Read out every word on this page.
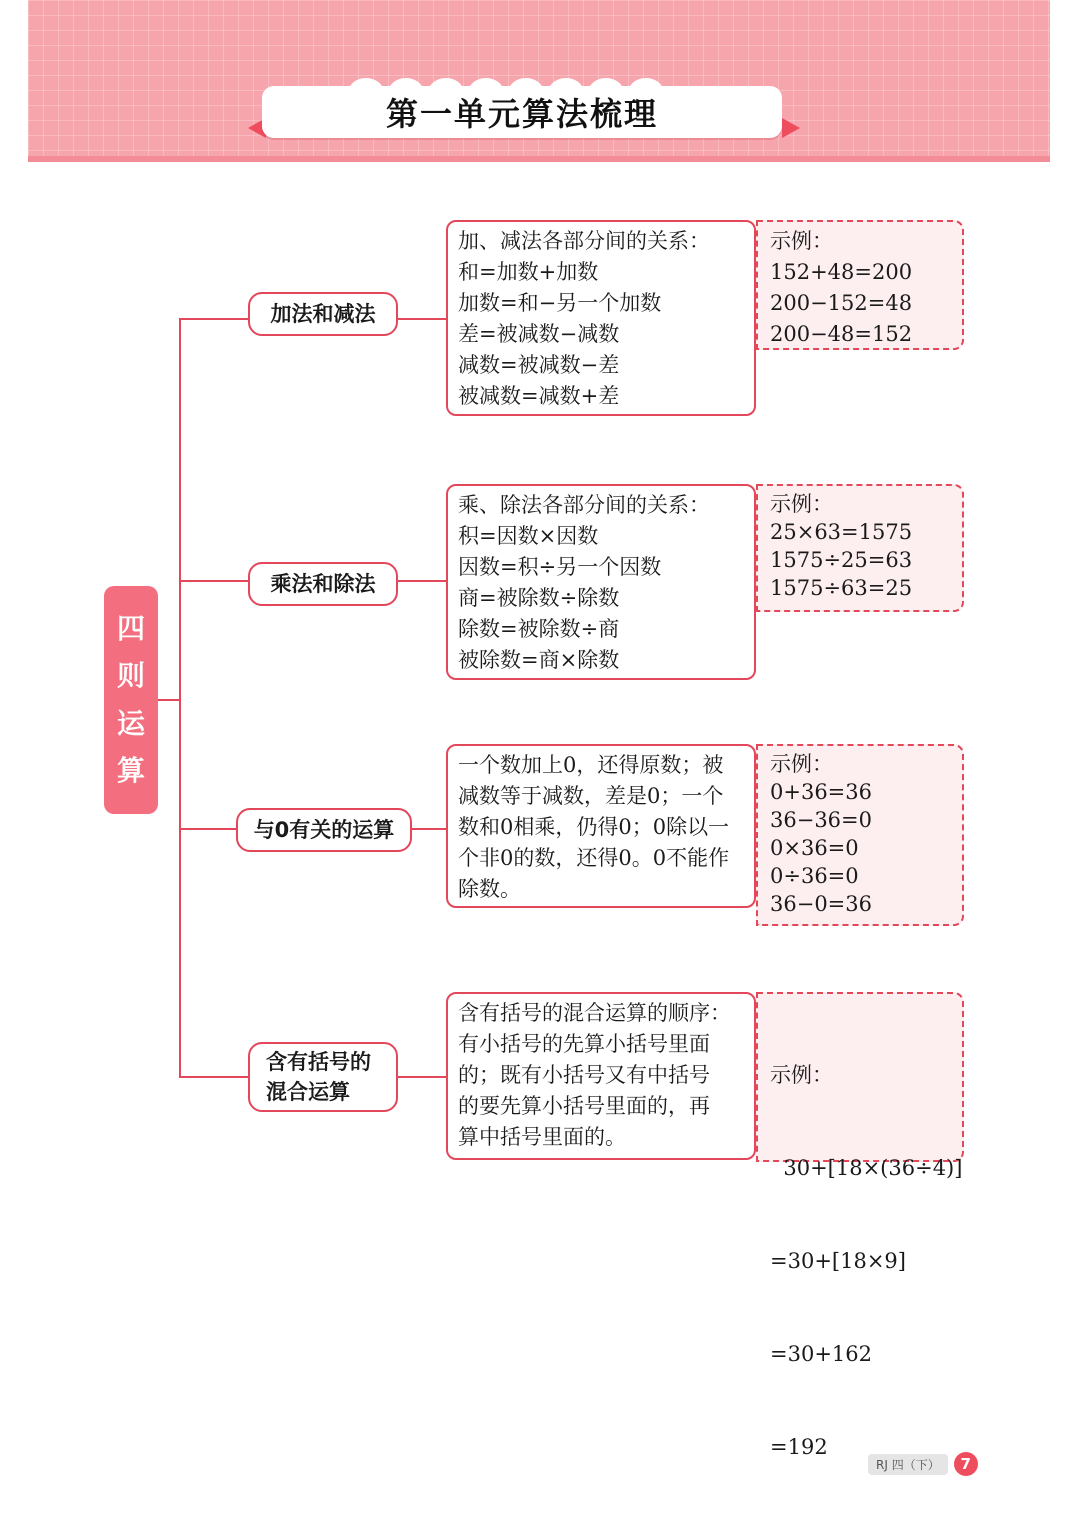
第一单元算法梳理
四
则
运
算
加法和减法
加、减法各部分间的关系：
和=加数+加数
加数=和−另一个加数
差=被减数−减数
减数=被减数−差
被减数=减数+差
示例：
152+48=200
200−152=48
200−48=152
乘法和除法
乘、除法各部分间的关系：
积=因数×因数
因数=积÷另一个因数
商=被除数÷除数
除数=被除数÷商
被除数=商×除数
示例：
25×63=1575
1575÷25=63
1575÷63=25
与0有关的运算
一个数加上0，还得原数；被
减数等于减数，差是0；一个
数和0相乘，仍得0；0除以一
个非0的数，还得0。0不能作
除数。
示例：
0+36=36
36−36=0
0×36=0
0÷36=0
36−0=36
含有括号的
混合运算
含有括号的混合运算的顺序：
有小括号的先算小括号里面
的；既有小括号又有中括号
的要先算小括号里面的，再
算中括号里面的。

示例：

30+[18×(36÷4)]

=30+[18×9]

=30+162

=192

RJ 四（下）	7
